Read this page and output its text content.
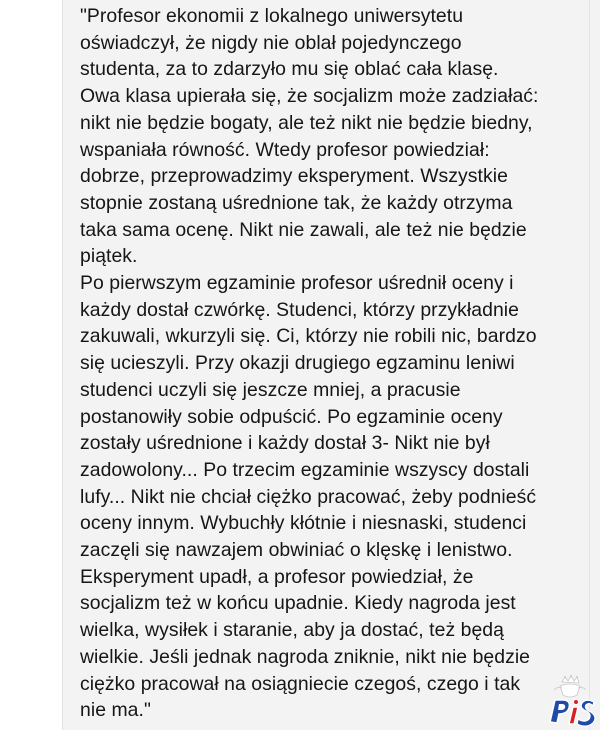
"Profesor ekonomii z lokalnego uniwersytetu
oświadczył, że nigdy nie oblał pojedynczego
studenta, za to zdarzyło mu się oblać cała klasę.
Owa klasa upierała się, że socjalizm może zadziałać:
nikt nie będzie bogaty, ale też nikt nie będzie biedny,
wspaniała równość. Wtedy profesor powiedział:
dobrze, przeprowadzimy eksperyment. Wszystkie
stopnie zostaną uśrednione tak, że każdy otrzyma
taka sama ocenę. Nikt nie zawali, ale też nie będzie
piątek.
Po pierwszym egzaminie profesor uśrednił oceny i
każdy dostał czwórkę. Studenci, którzy przykładnie
zakuwali, wkurzyli się. Ci, którzy nie robili nic, bardzo
się ucieszyli. Przy okazji drugiego egzaminu leniwi
studenci uczyli się jeszcze mniej, a pracusie
postanowiły sobie odpuścić. Po egzaminie oceny
zostały uśrednione i każdy dostał 3- Nikt nie był
zadowolony... Po trzecim egzaminie wszyscy dostali
lufy... Nikt nie chciał ciężko pracować, żeby podnieść
oceny innym. Wybuchły kłótnie i niesnaski, studenci
zaczęli się nawzajem obwiniać o klęskę i lenistwo.
Eksperyment upadł, a profesor powiedział, że
socjalizm też w końcu upadnie. Kiedy nagroda jest
wielka, wysiłek i staranie, aby ja dostać, też będą
wielkie. Jeśli jednak nagroda zniknie, nikt nie będzie
ciężko pracował na osiągniecie czegoś, czego i tak
nie ma."
